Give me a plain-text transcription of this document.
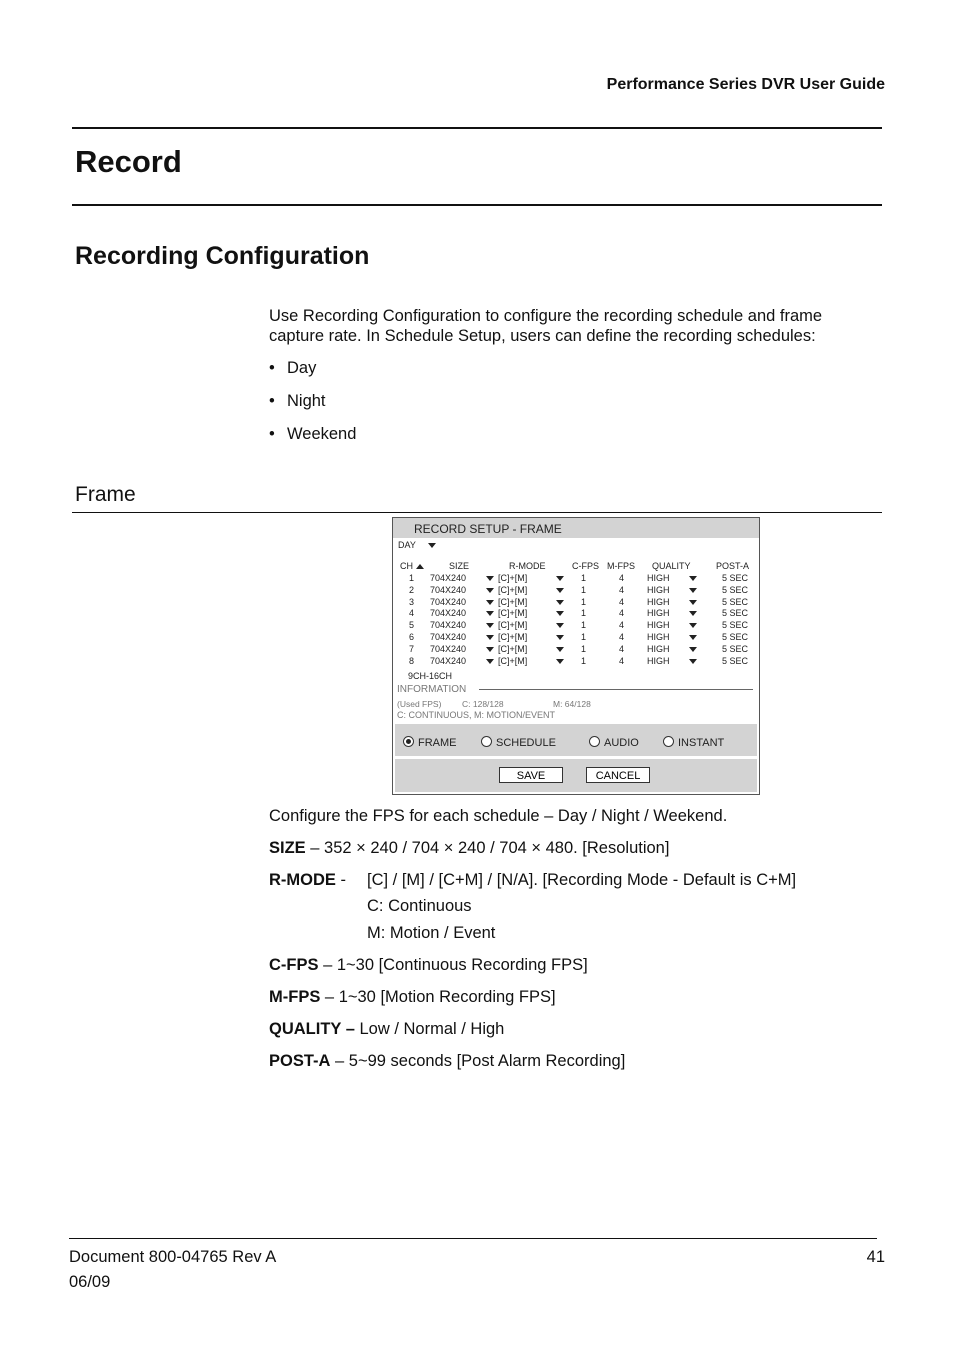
Performance Series DVR User Guide
Record
Recording Configuration
Use Recording Configuration to configure the recording schedule and frame
capture rate. In Schedule Setup, users can define the recording schedules:
• Day
• Night
• Weekend
Frame
RECORD SETUP - FRAME
DAY
CH	SIZE	R-MODE	C-FPS M-FPS QUALITY	POST-A
1 704X240	[C]+[M]	1	4	HIGH	5 SEC
2 704X240	[C]+[M]	1	4	HIGH	5 SEC
3 704X240	[C]+[M]	1	4	HIGH	5 SEC
4 704X240	[C]+[M]	1	4	HIGH	5 SEC
5 704X240	[C]+[M]	1	4	HIGH	5 SEC
6 704X240	[C]+[M]	1	4	HIGH	5 SEC
7 704X240	[C]+[M]	1	4	HIGH	5 SEC
8 704X240	[C]+[M]	1	4	HIGH	5 SEC
9CH-16CH
INFORMATION
(Used FPS) C: 128/128	M: 64/128
C: CONTINUOUS, M: MOTION/EVENT
FRAME	SCHEDULE	AUDIO	INSTANT
SAVE	CANCEL
Configure the FPS for each schedule – Day / Night / Weekend.
SIZE – 352 × 240 / 704 × 240 / 704 × 480. [Resolution]
R-MODE - [C] / [M] / [C+M] / [N/A]. [Recording Mode - Default is C+M]
C: Continuous
M: Motion / Event
C-FPS – 1~30 [Continuous Recording FPS]
M-FPS – 1~30 [Motion Recording FPS]
QUALITY – Low / Normal / High
POST-A – 5~99 seconds [Post Alarm Recording]
Document 800-04765 Rev A
06/09
41
